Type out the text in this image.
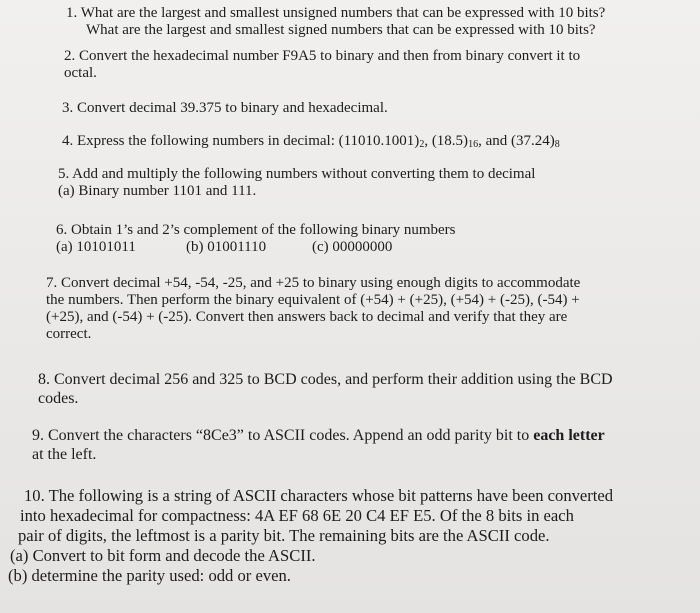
1. What are the largest and smallest unsigned numbers that can be expressed with 10 bits?
What are the largest and smallest signed numbers that can be expressed with 10 bits?
2. Convert the hexadecimal number F9A5 to binary and then from binary convert it to
octal.
3. Convert decimal 39.375 to binary and hexadecimal.
4. Express the following numbers in decimal: $(11010.1001)_2$, $(18.5)_{16}$, and $(37.24)_8$
5. Add and multiply the following numbers without converting them to decimal
(a) Binary number 1101 and 111.
6. Obtain 1’s and 2’s complement of the following binary numbers
(a) 10101011	(b) 01001110	(c) 00000000
7. Convert decimal +54, -54, -25, and +25 to binary using enough digits to accommodate
the numbers. Then perform the binary equivalent of (+54) + (+25), (+54) + (-25), (-54) +
(+25), and (-54) + (-25). Convert then answers back to decimal and verify that they are
correct.
8. Convert decimal 256 and 325 to BCD codes, and perform their addition using the BCD
codes.
9. Convert the characters “8Ce3” to ASCII codes. Append an odd parity bit to each letter
at the left.
10. The following is a string of ASCII characters whose bit patterns have been converted
into hexadecimal for compactness: 4A EF 68 6E 20 C4 EF E5. Of the 8 bits in each
pair of digits, the leftmost is a parity bit. The remaining bits are the ASCII code.
(a) Convert to bit form and decode the ASCII.
(b) determine the parity used: odd or even.
